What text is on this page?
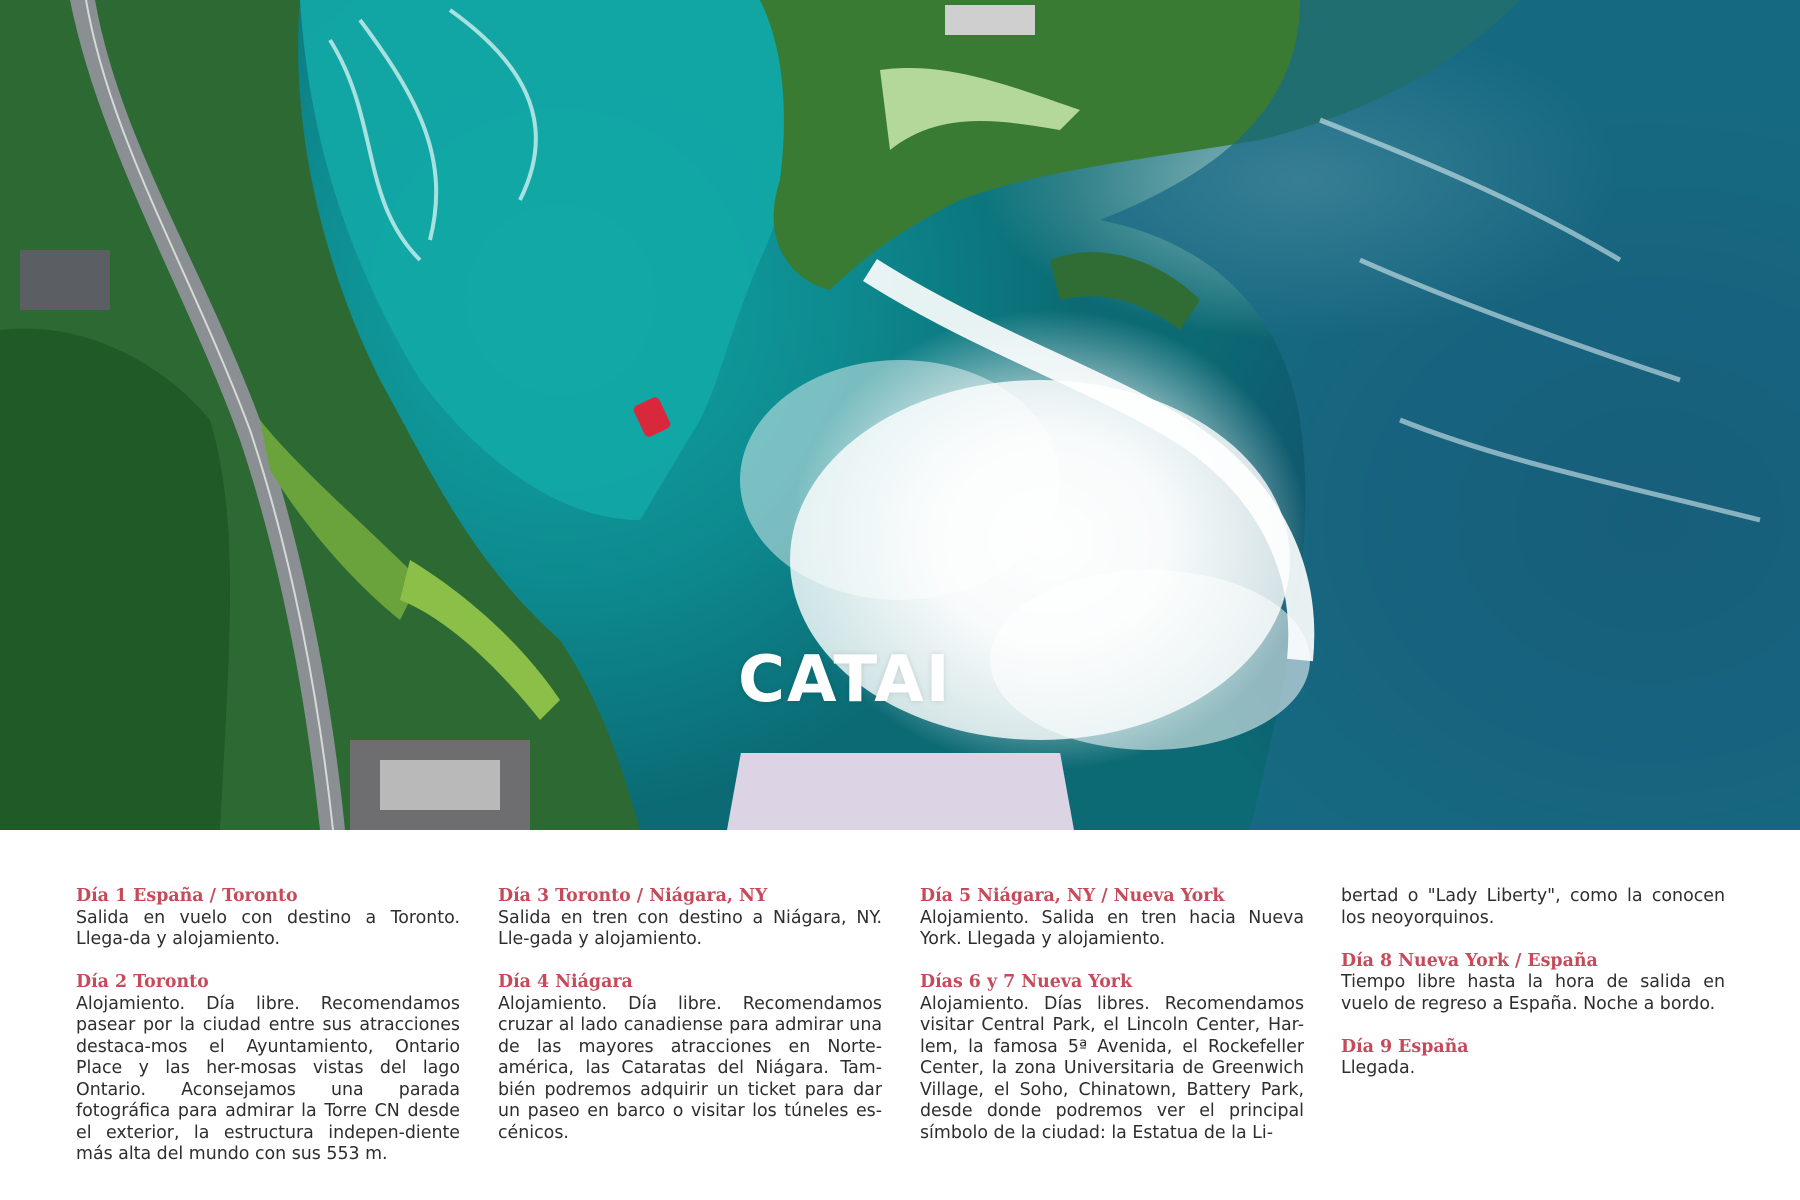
CATAI
Día 1 España / Toronto
Salida en vuelo con destino a Toronto. Llega-da y alojamiento.
Día 2 Toronto
Alojamiento. Día libre. Recomendamos pasear por la ciudad entre sus atracciones destaca-mos el Ayuntamiento, Ontario Place y las her-mosas vistas del lago Ontario. Aconsejamos una parada fotográfica para admirar la Torre CN desde el exterior, la estructura indepen-diente más alta del mundo con sus 553 m.
Día 3 Toronto / Niágara, NY
Salida en tren con destino a Niágara, NY. Lle-gada y alojamiento.
Día 4 Niágara
Alojamiento. Día libre. Recomendamos cruzar al lado canadiense para admirar una de las mayores atracciones en Norte-américa, las Cataratas del Niágara. Tam-bién podremos adquirir un ticket para dar un paseo en barco o visitar los túneles es-cénicos.
Día 5 Niágara, NY / Nueva York
Alojamiento. Salida en tren hacia Nueva York. Llegada y alojamiento.
Días 6 y 7 Nueva York
Alojamiento. Días libres. Recomendamos visitar Central Park, el Lincoln Center, Har-lem, la famosa 5ª Avenida, el Rockefeller Center, la zona Universitaria de Greenwich Village, el Soho, Chinatown, Battery Park, desde donde podremos ver el principal símbolo de la ciudad: la Estatua de la Li-
bertad o "Lady Liberty", como la conocen los neoyorquinos.
Día 8 Nueva York / España
Tiempo libre hasta la hora de salida en vuelo de regreso a España. Noche a bordo.
Día 9 España
Llegada.
